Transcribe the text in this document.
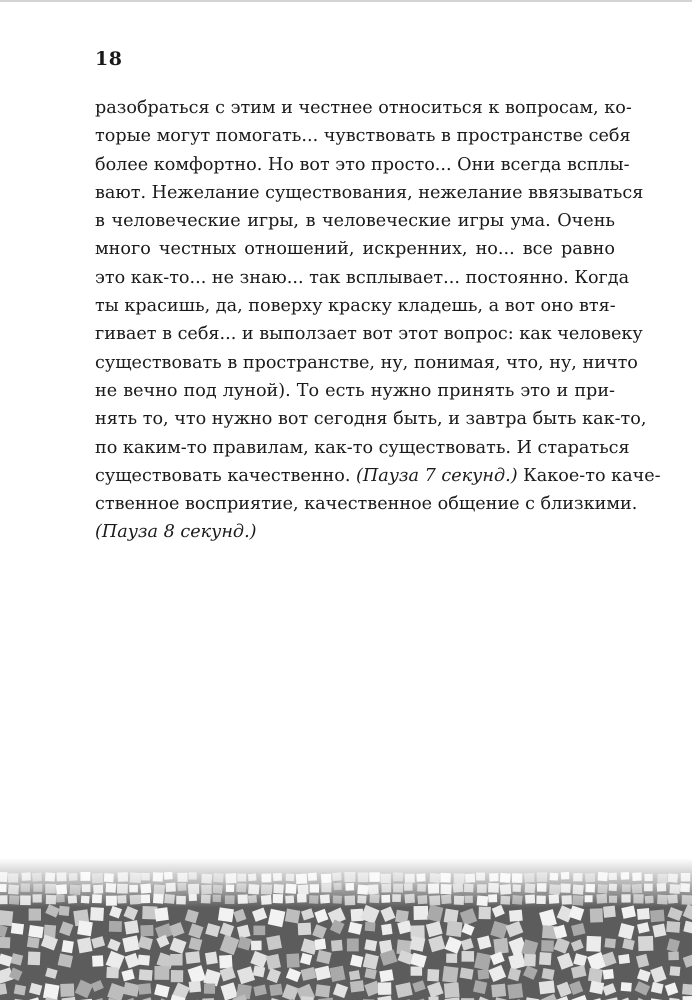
18
разобраться с этим и честнее относиться к вопросам, ко-
торые могут помогать... чувствовать в пространстве себя
более комфортно. Но вот это просто... Они всегда всплы-
вают. Нежелание существования, нежелание ввязываться
в человеческие игры, в человеческие игры ума. Очень
много честных отношений, искренних, но... все равно
это как-то... не знаю... так всплывает... постоянно. Когда
ты красишь, да, поверху краску кладешь, а вот оно втя-
гивает в себя... и выползает вот этот вопрос: как человеку
существовать в пространстве, ну, понимая, что, ну, ничто
не вечно под луной). То есть нужно принять это и при-
нять то, что нужно вот сегодня быть, и завтра быть как-то,
по каким-то правилам, как-то существовать. И стараться
существовать качественно. (Пауза 7 секунд.) Какое-то каче-
ственное восприятие, качественное общение с близкими.
(Пауза 8 секунд.)
